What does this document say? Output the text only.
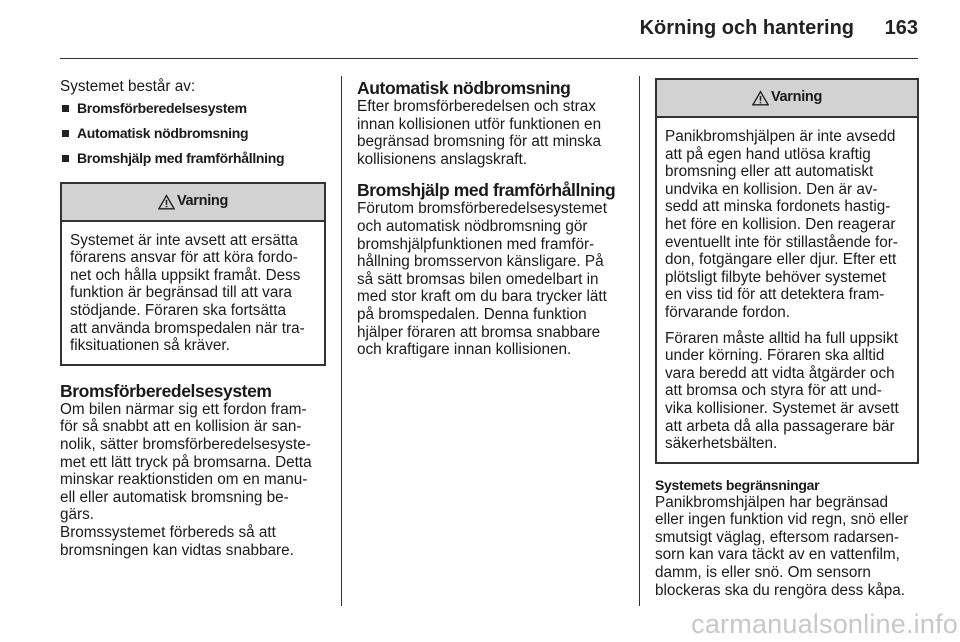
Körning och hantering 163

Systemet består av:

Bromsförberedelsesystem
Automatisk nödbromsning
Bromshjälp med framförhållning
Varning
Systemet är inte avsett att ersätta
förarens ansvar för att köra fordo-
net och hålla uppsikt framåt. Dess
funktion är begränsad till att vara
stödjande. Föraren ska fortsätta
att använda bromspedalen när tra-
fiksituationen så kräver.
Bromsförberedelsesystem

Om bilen närmar sig ett fordon fram-
för så snabbt att en kollision är san-
nolik, sätter bromsförberedelsesyste-
met ett lätt tryck på bromsarna. Detta
minskar reaktionstiden om en manu-
ell eller automatisk bromsning be-
gärs.

Bromssystemet förbereds så att
bromsningen kan vidtas snabbare.

Automatisk nödbromsning

Efter bromsförberedelsen och strax
innan kollisionen utför funktionen en
begränsad bromsning för att minska
kollisionens anslagskraft.

Bromshjälp med framförhållning

Förutom bromsförberedelsesystemet
och automatisk nödbromsning gör
bromshjälpfunktionen med framför-
hållning bromsservon känsligare. På
så sätt bromsas bilen omedelbart in
med stor kraft om du bara trycker lätt
på bromspedalen. Denna funktion
hjälper föraren att bromsa snabbare
och kraftigare innan kollisionen.

Varning
Panikbromshjälpen är inte avsedd
att på egen hand utlösa kraftig
bromsning eller att automatiskt
undvika en kollision. Den är av-
sedd att minska fordonets hastig-
het före en kollision. Den reagerar
eventuellt inte för stillastående for-
don, fotgängare eller djur. Efter ett
plötsligt filbyte behöver systemet
en viss tid för att detektera fram-
förvarande fordon.
Föraren måste alltid ha full uppsikt
under körning. Föraren ska alltid
vara beredd att vidta åtgärder och
att bromsa och styra för att und-
vika kollisioner. Systemet är avsett
att arbeta då alla passagerare bär
säkerhetsbälten.
Systemets begränsningar

Panikbromshjälpen har begränsad
eller ingen funktion vid regn, snö eller
smutsigt väglag, eftersom radarsen-
sorn kan vara täckt av en vattenfilm,
damm, is eller snö. Om sensorn
blockeras ska du rengöra dess kåpa.

carmanualsonline.info
